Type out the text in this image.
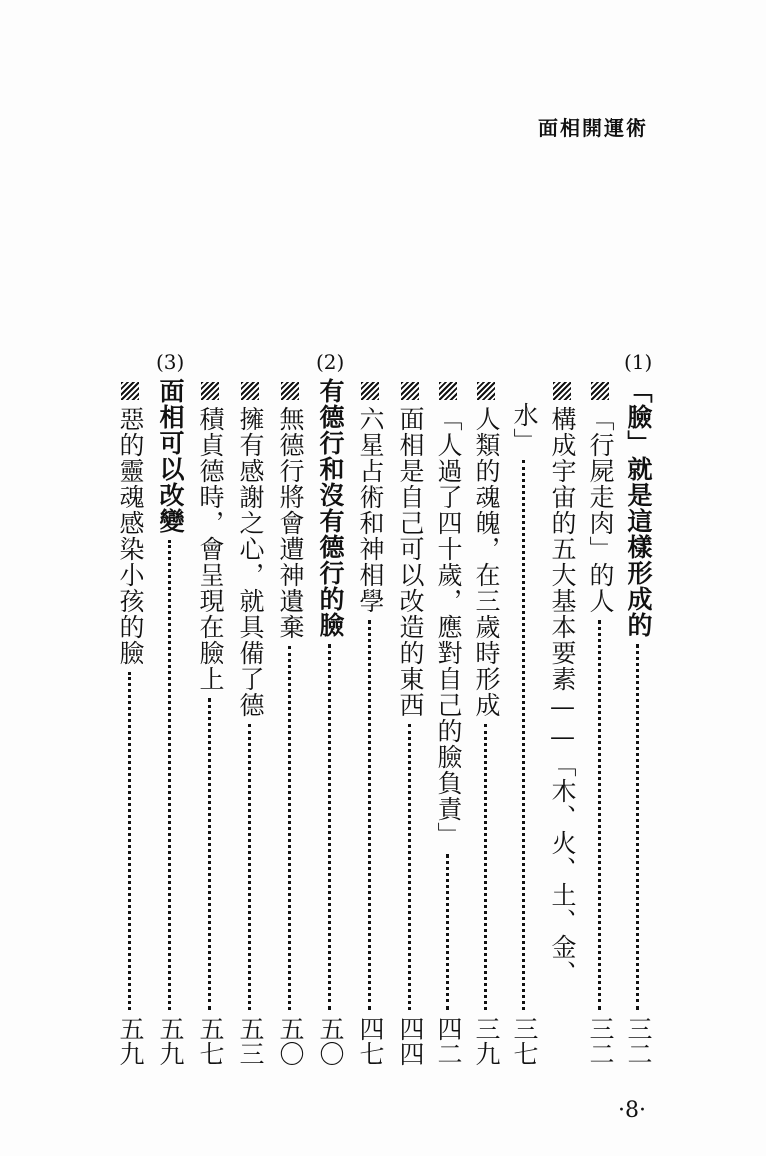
面相開運術
(1)
「臉」就是這樣形成的
三二
「行屍走肉」的人
三二
構成宇宙的五大基本要素——「木、火、土、金、
水」
三七
人類的魂魄，在三歲時形成
三九
「人過了四十歲，應對自己的臉負責」
四二
面相是自己可以改造的東西
四四
六星占術和神相學
四七
(2)
有德行和沒有德行的臉
五〇
無德行將會遭神遺棄
五〇
擁有感謝之心，就具備了德
五三
積貞德時，會呈現在臉上
五七
(3)
面相可以改變
五九
惡的靈魂感染小孩的臉
五九
·8·
